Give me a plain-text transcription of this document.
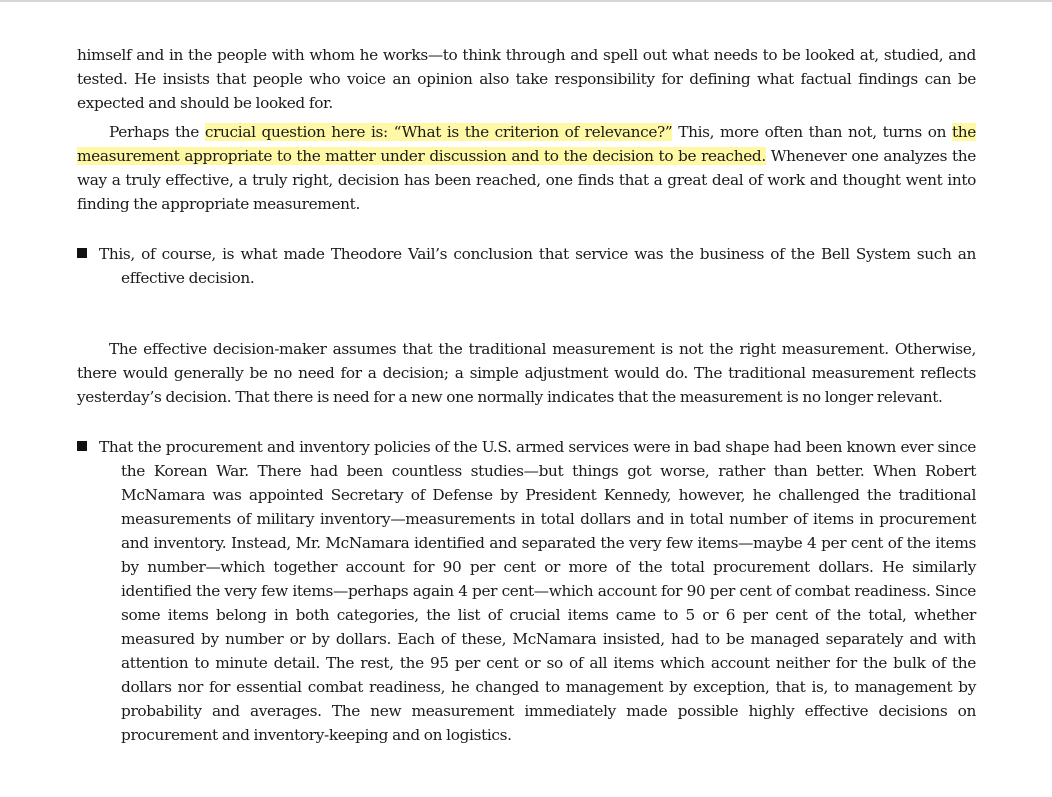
himself and in the people with whom he works—to think through and spell out what needs to be looked at, studied, and tested. He insists that people who voice an opinion also take responsibility for defining what factual findings can be expected and should be looked for.

Perhaps the crucial question here is: “What is the criterion of relevance?” This, more often than not, turns on the measurement appropriate to the matter under discussion and to the decision to be reached. Whenever one analyzes the way a truly effective, a truly right, decision has been reached, one finds that a great deal of work and thought went into finding the appropriate measurement.

This, of course, is what made Theodore Vail’s conclusion that service was the business of the Bell System such an effective decision.

The effective decision-maker assumes that the traditional measurement is not the right measurement. Otherwise, there would generally be no need for a decision; a simple adjustment would do. The traditional measurement reflects yesterday’s decision. That there is need for a new one normally indicates that the measurement is no longer relevant.

That the procurement and inventory policies of the U.S. armed services were in bad shape had been known ever since the Korean War. There had been countless studies—but things got worse, rather than better. When Robert McNamara was appointed Secretary of Defense by President Kennedy, however, he challenged the traditional measurements of military inventory—measurements in total dollars and in total number of items in procurement and inventory. Instead, Mr. McNamara identified and separated the very few items—maybe 4 per cent of the items by number—which together account for 90 per cent or more of the total procurement dollars. He similarly identified the very few items—perhaps again 4 per cent—which account for 90 per cent of combat readiness. Since some items belong in both categories, the list of crucial items came to 5 or 6 per cent of the total, whether measured by number or by dollars. Each of these, McNamara insisted, had to be managed separately and with attention to minute detail. The rest, the 95 per cent or so of all items which account neither for the bulk of the dollars nor for essential combat readiness, he changed to management by exception, that is, to management by probability and averages. The new measurement immediately made possible highly effective decisions on procurement and inventory-keeping and on logistics.
